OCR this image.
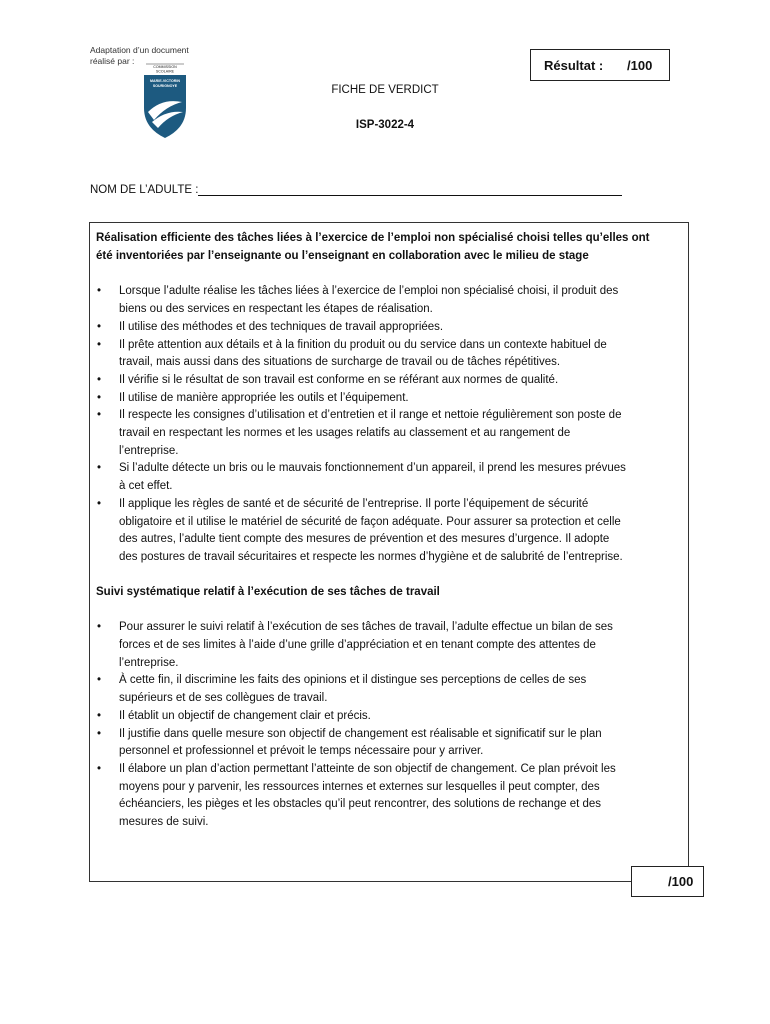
Adaptation d’un document
réalisé par :
COMMISSION
SCOLAIRE
MARIE-VICTORIN
SOURIGNOYE
Résultat : /100
FICHE DE VERDICT
ISP-3022-4
NOM DE L’ADULTE :
Réalisation efficiente des tâches liées à l’exercice de l’emploi non spécialisé choisi telles qu’elles ont
été inventoriées par l’enseignante ou l’enseignant en collaboration avec le milieu de stage
• Lorsque l’adulte réalise les tâches liées à l’exercice de l’emploi non spécialisé choisi, il produit des
biens ou des services en respectant les étapes de réalisation.
• Il utilise des méthodes et des techniques de travail appropriées.
• Il prête attention aux détails et à la finition du produit ou du service dans un contexte habituel de
travail, mais aussi dans des situations de surcharge de travail ou de tâches répétitives.
• Il vérifie si le résultat de son travail est conforme en se référant aux normes de qualité.
• Il utilise de manière appropriée les outils et l’équipement.
• Il respecte les consignes d’utilisation et d’entretien et il range et nettoie régulièrement son poste de
travail en respectant les normes et les usages relatifs au classement et au rangement de
l’entreprise.
• Si l’adulte détecte un bris ou le mauvais fonctionnement d’un appareil, il prend les mesures prévues
à cet effet.
• Il applique les règles de santé et de sécurité de l’entreprise. Il porte l’équipement de sécurité
obligatoire et il utilise le matériel de sécurité de façon adéquate. Pour assurer sa protection et celle
des autres, l’adulte tient compte des mesures de prévention et des mesures d’urgence. Il adopte
des postures de travail sécuritaires et respecte les normes d’hygiène et de salubrité de l’entreprise.
Suivi systématique relatif à l’exécution de ses tâches de travail
• Pour assurer le suivi relatif à l’exécution de ses tâches de travail, l’adulte effectue un bilan de ses
forces et de ses limites à l’aide d’une grille d’appréciation et en tenant compte des attentes de
l’entreprise.
• À cette fin, il discrimine les faits des opinions et il distingue ses perceptions de celles de ses
supérieurs et de ses collègues de travail.
• Il établit un objectif de changement clair et précis.
• Il justifie dans quelle mesure son objectif de changement est réalisable et significatif sur le plan
personnel et professionnel et prévoit le temps nécessaire pour y arriver.
• Il élabore un plan d’action permettant l’atteinte de son objectif de changement. Ce plan prévoit les
moyens pour y parvenir, les ressources internes et externes sur lesquelles il peut compter, des
échéanciers, les pièges et les obstacles qu’il peut rencontrer, des solutions de rechange et des
mesures de suivi.
/100
